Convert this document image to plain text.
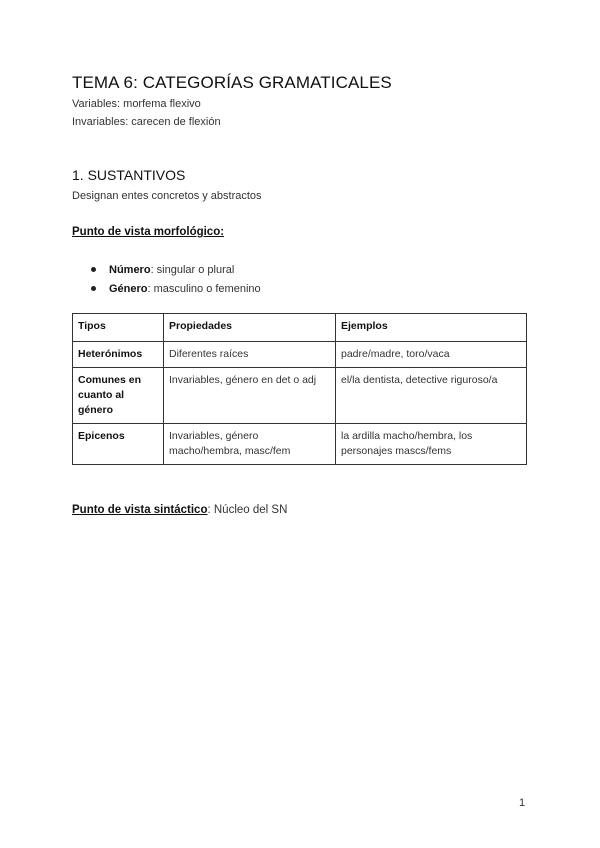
TEMA 6: CATEGORÍAS GRAMATICALES
Variables: morfema flexivo
Invariables: carecen de flexión
1. SUSTANTIVOS
Designan entes concretos y abstractos
Punto de vista morfológico:
Número : singular o plural
Género : masculino o femenino
Tipos	Propiedades	Ejemplos
Heterónimos	Diferentes raíces	padre/madre, toro/vaca
Comunes en cuanto al género	Invariables, género en det o adj	el/la dentista, detective riguroso/a
Epicenos	Invariables, género macho/hembra, masc/fem	la ardilla macho/hembra, los personajes mascs/fems
Punto de vista sintáctico: Núcleo del SN
1
